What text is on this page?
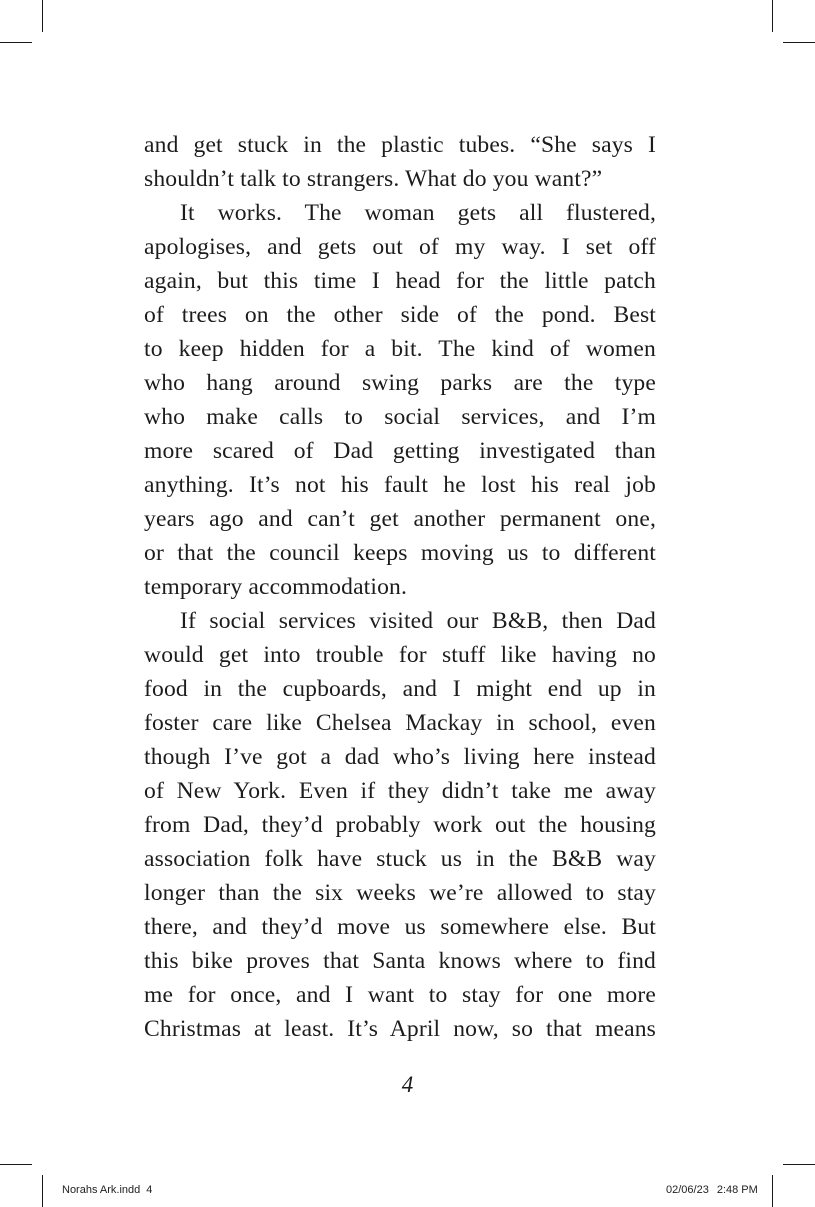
and get stuck in the plastic tubes. “She says I
shouldn’t talk to strangers. What do you want?”
It works. The woman gets all flustered,
apologises, and gets out of my way. I set off
again, but this time I head for the little patch
of trees on the other side of the pond. Best
to keep hidden for a bit. The kind of women
who hang around swing parks are the type
who make calls to social services, and I’m
more scared of Dad getting investigated than
anything. It’s not his fault he lost his real job
years ago and can’t get another permanent one,
or that the council keeps moving us to different
temporary accommodation.
If social services visited our B&B, then Dad
would get into trouble for stuff like having no
food in the cupboards, and I might end up in
foster care like Chelsea Mackay in school, even
though I’ve got a dad who’s living here instead
of New York. Even if they didn’t take me away
from Dad, they’d probably work out the housing
association folk have stuck us in the B&B way
longer than the six weeks we’re allowed to stay
there, and they’d move us somewhere else. But
this bike proves that Santa knows where to find
me for once, and I want to stay for one more
Christmas at least. It’s April now, so that means
4
Norahs Ark.indd 4	02/06/23 2:48 PM
